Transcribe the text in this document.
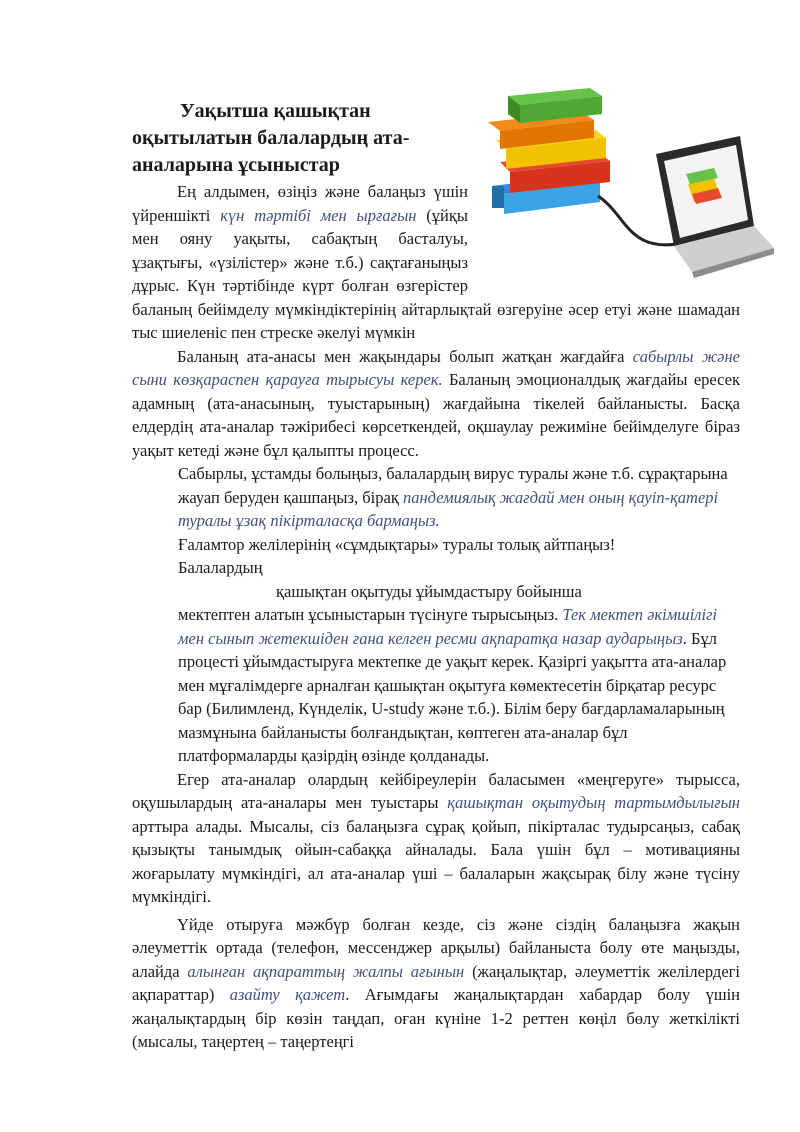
Уақытша қашықтан
оқытылатын балалардың ата-
аналарына ұсыныстар

Ең алдымен, өзіңіз және балаңыз үшін үйреншікті күн тәртібі мен ырғағын (ұйқы мен ояну уақыты, сабақтың басталуы, ұзақтығы, «үзілістер» және т.б.) сақтағаныңыз дұрыс. Күн тәртібінде күрт болған өзгерістер баланың бейімделу мүмкіндіктерінің айтарлықтай өзгеруіне әсер етуі және шамадан тыс шиеленіс пен стреске әкелуі мүмкін

Баланың ата-анасы мен жақындары болып жатқан жағдайға сабырлы және сыни көзқараспен қарауға тырысуы керек. Баланың эмоционалдық жағдайы ересек адамның (ата-анасының, туыстарының) жағдайына тікелей байланысты. Басқа елдердің ата-аналар тәжірибесі көрсеткендей, оқшаулау режиміне бейімделуге біраз уақыт кетеді және бұл қалыпты процесс.

Сабырлы, ұстамды болыңыз, балалардың вирус туралы және т.б. сұрақтарына жауап беруден қашпаңыз, бірақ пандемиялық жағдай мен оның қауіп-қатері туралы ұзақ пікірталасқа бармаңыз.
Ғаламтор желілерінің «сұмдықтары» туралы толық айтпаңыз!

Балалардың
қашықтан оқытуды ұйымдастыру бойынша
мектептен алатын ұсыныстарын түсінуге тырысыңыз. Тек мектеп әкімшілігі мен сынып жетекшіден ғана келген ресми ақпаратқа назар аударыңыз. Бұл процесті ұйымдастыруға мектепке де уақыт керек. Қазіргі уақытта ата-аналар мен мұғалімдерге арналған қашықтан оқытуға көмектесетін бірқатар ресурс бар (Билимленд, Күнделік, U-study және т.б.). Білім беру бағдарламаларының мазмұнына байланысты болғандықтан, көптеген ата-аналар бұл платформаларды қазірдің өзінде қолданады.

Егер ата-аналар олардың кейбіреулерін баласымен «меңгеруге» тырысса, оқушылардың ата-аналары мен туыстары қашықтан оқытудың тартымдылығын арттыра алады. Мысалы, сіз балаңызға сұрақ қойып, пікірталас тудырсаңыз, сабақ қызықты танымдық ойын-сабаққа айналады. Бала үшін бұл – мотивацияны жоғарылату мүмкіндігі, ал ата-аналар үші – балаларын жақсырақ білу және түсіну мүмкіндігі.

Үйде отыруға мәжбүр болған кезде, сіз және сіздің балаңызға жақын әлеуметтік ортада (телефон, мессенджер арқылы) байланыста болу өте маңызды, алайда алынған ақпараттың жалпы ағынын (жаңалықтар, әлеуметтік желілердегі ақпараттар) азайту қажет. Ағымдағы жаңалықтардан хабардар болу үшін жаңалықтардың бір көзін таңдап, оған күніне 1-2 реттен көңіл бөлу жеткілікті (мысалы, таңертең – таңертеңгі
